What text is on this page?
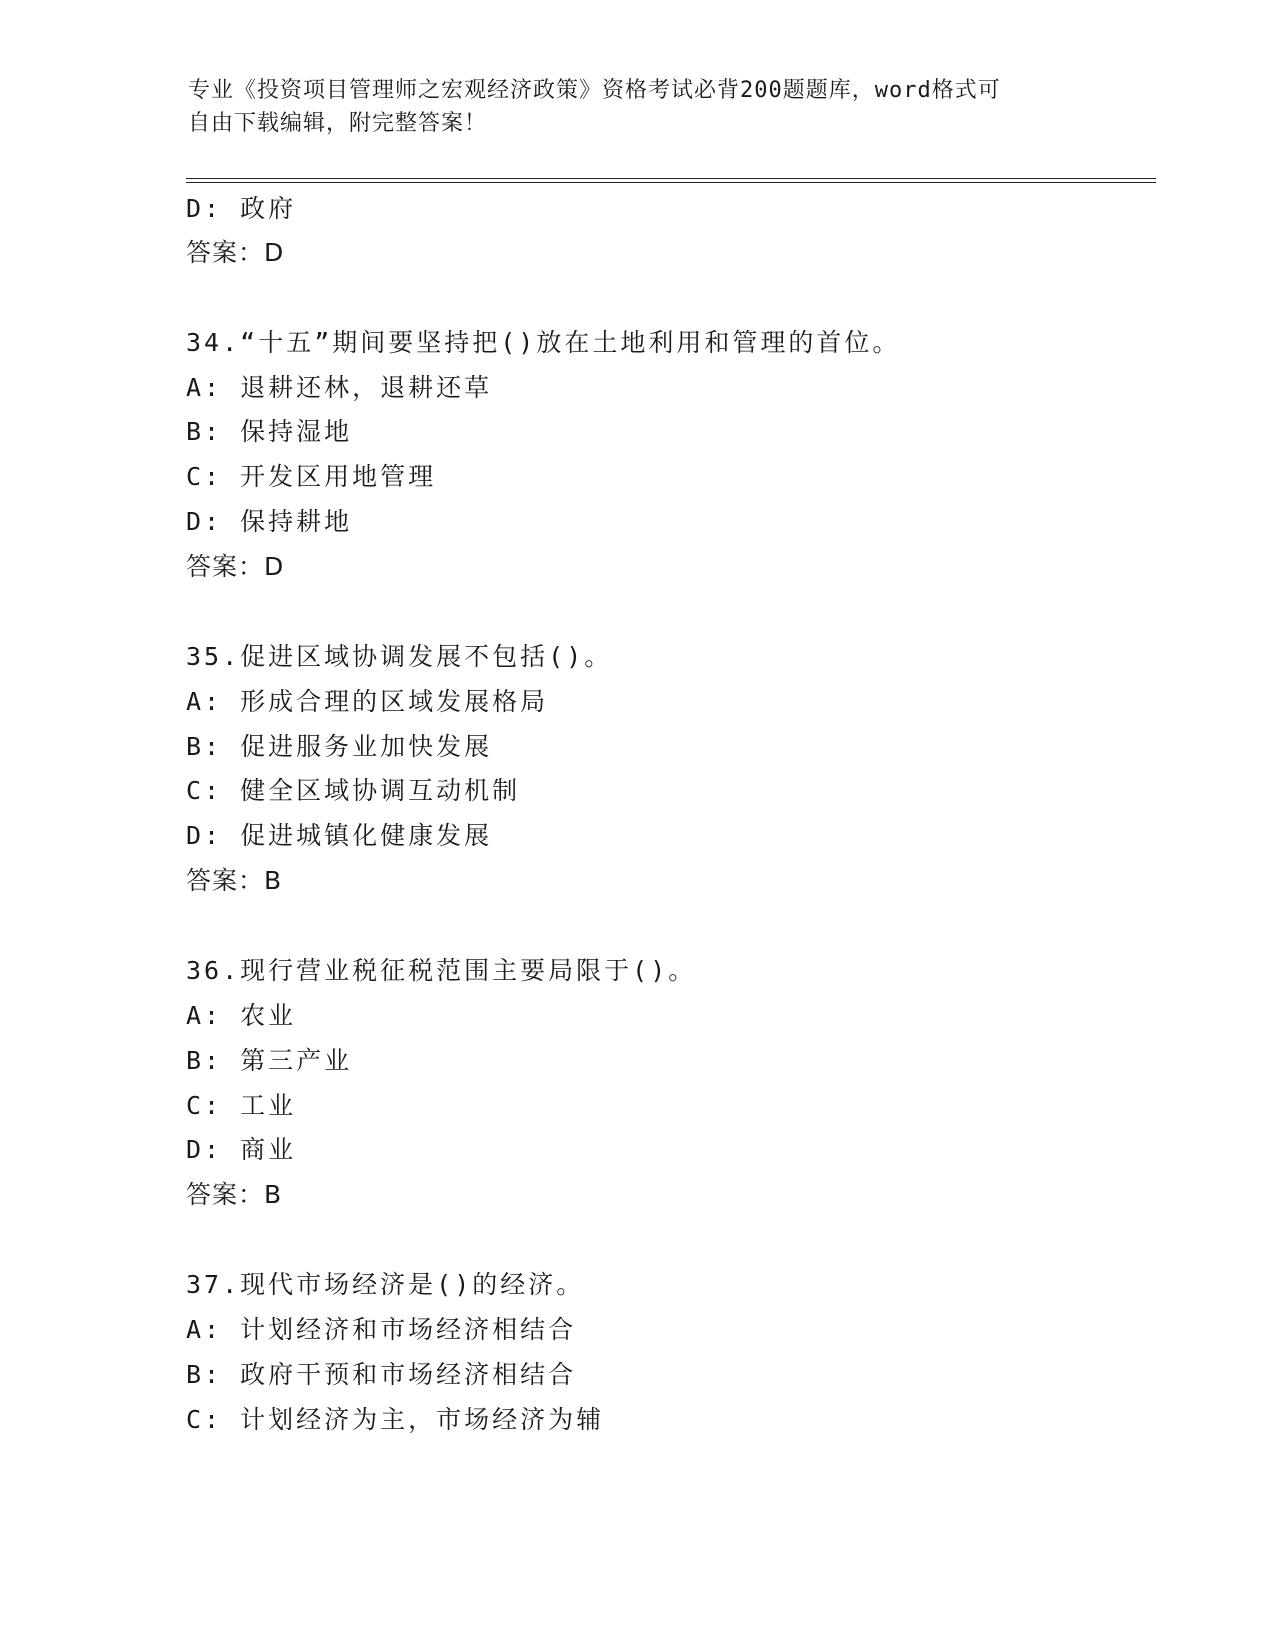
专业《投资项目管理师之宏观经济政策》资格考试必背200题题库，word格式可
自由下载编辑，附完整答案！
D: 政府
答案：D
34.“十五”期间要坚持把()放在土地利用和管理的首位。
A: 退耕还林，退耕还草
B: 保持湿地
C: 开发区用地管理
D: 保持耕地
答案：D
35.促进区域协调发展不包括()。
A: 形成合理的区域发展格局
B: 促进服务业加快发展
C: 健全区域协调互动机制
D: 促进城镇化健康发展
答案：B
36.现行营业税征税范围主要局限于()。
A: 农业
B: 第三产业
C: 工业
D: 商业
答案：B
37.现代市场经济是()的经济。
A: 计划经济和市场经济相结合
B: 政府干预和市场经济相结合
C: 计划经济为主，市场经济为辅
